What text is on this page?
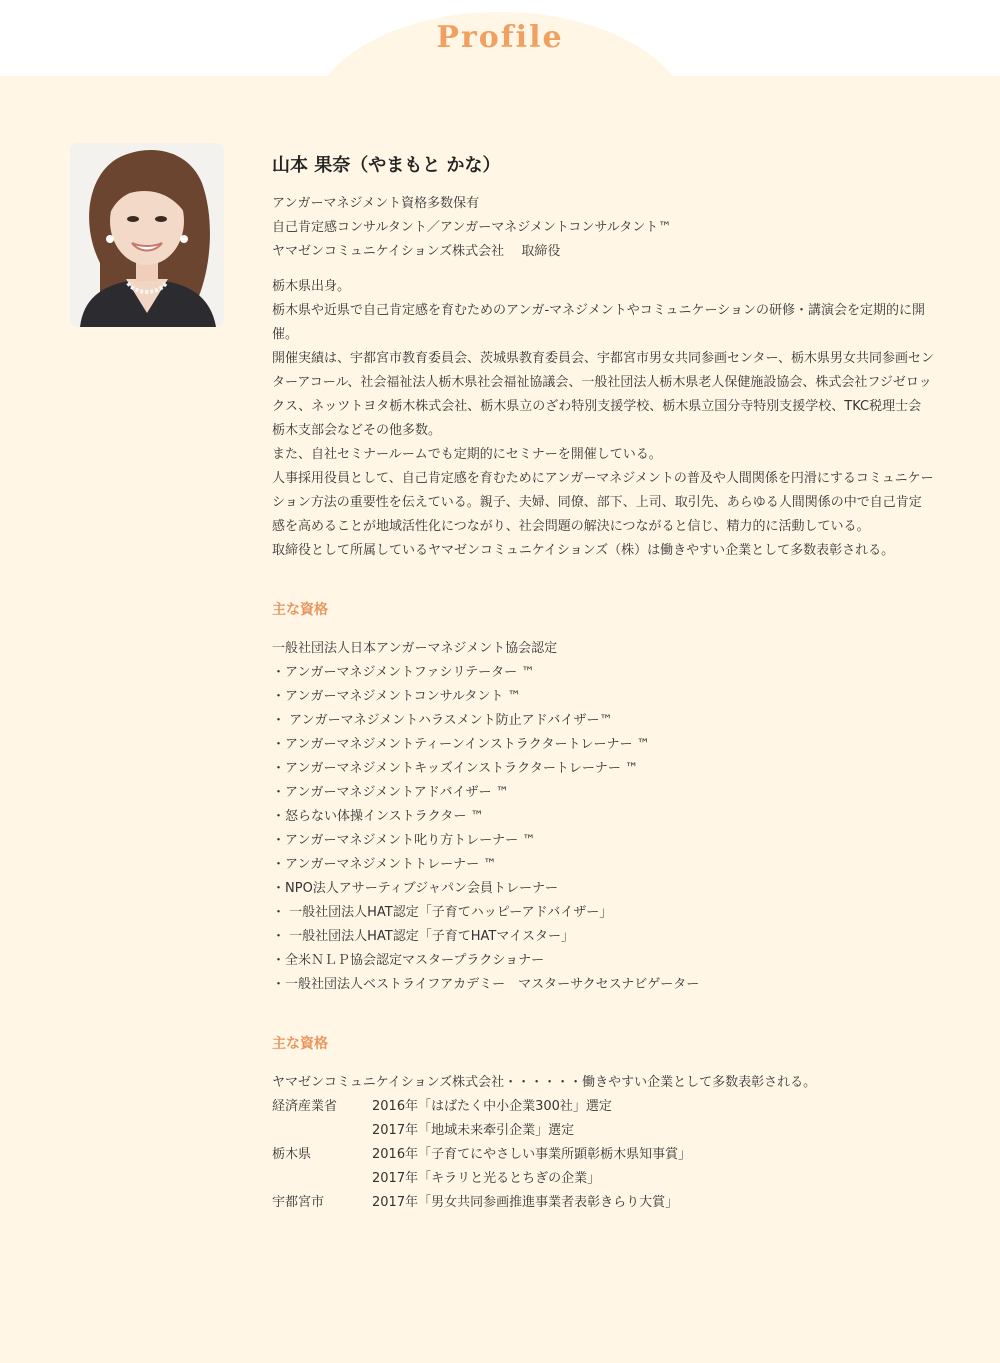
Profile
山本 果奈（やまもと かな）
アンガーマネジメント資格多数保有
自己肯定感コンサルタント／アンガーマネジメントコンサルタント™
ヤマゼンコミュニケイションズ株式会社　 取締役

栃木県出身。

栃木県や近県で自己肯定感を育むためのアンガ-マネジメントやコミュニケーションの研修・講演会を定期的に開催。

開催実績は、宇都宮市教育委員会、茨城県教育委員会、宇都宮市男女共同参画センター、栃木県男女共同参画センターアコール、社会福祉法人栃木県社会福祉協議会、一般社団法人栃木県老人保健施設協会、株式会社フジゼロックス、ネッツトヨタ栃木株式会社、栃木県立のざわ特別支援学校、栃木県立国分寺特別支援学校、TKC税理士会栃木支部会などその他多数。

また、自社セミナールームでも定期的にセミナーを開催している。

人事採用役員として、自己肯定感を育むためにアンガーマネジメントの普及や人間関係を円滑にするコミュニケーション方法の重要性を伝えている。親子、夫婦、同僚、部下、上司、取引先、あらゆる人間関係の中で自己肯定感を高めることが地域活性化につながり、社会問題の解決につながると信じ、精力的に活動している。

取締役として所属しているヤマゼンコミュニケイションズ（株）は働きやすい企業として多数表彰される。

主な資格
一般社団法人日本アンガーマネジメント協会認定
・アンガーマネジメントファシリテーター ™
・アンガーマネジメントコンサルタント ™
・ アンガーマネジメントハラスメント防止アドバイザー™
・アンガーマネジメントティーンインストラクタートレーナー ™
・アンガーマネジメントキッズインストラクタートレーナー ™
・アンガーマネジメントアドバイザー ™
・怒らない体操インストラクター ™
・アンガーマネジメント叱り方トレーナー ™
・アンガーマネジメントトレーナー ™
・NPO法人アサーティブジャパン会員トレーナー
・ 一般社団法人HAT認定「子育てハッピーアドバイザー」
・ 一般社団法人HAT認定「子育てHATマイスター」
・全米ＮＬＰ協会認定マスタープラクショナー
・一般社団法人ベストライフアカデミー　マスターサクセスナビゲーター
主な資格
ヤマゼンコミュニケイションズ株式会社・・・・・・働きやすい企業として多数表彰される。
経済産業省	2016年「はばたく中小企業300社」選定
2017年「地域未来牽引企業」選定
栃木県	2016年「子育てにやさしい事業所顕彰栃木県知事賞」
2017年「キラリと光るとちぎの企業」
宇都宮市	2017年「男女共同参画推進事業者表彰きらり大賞」
